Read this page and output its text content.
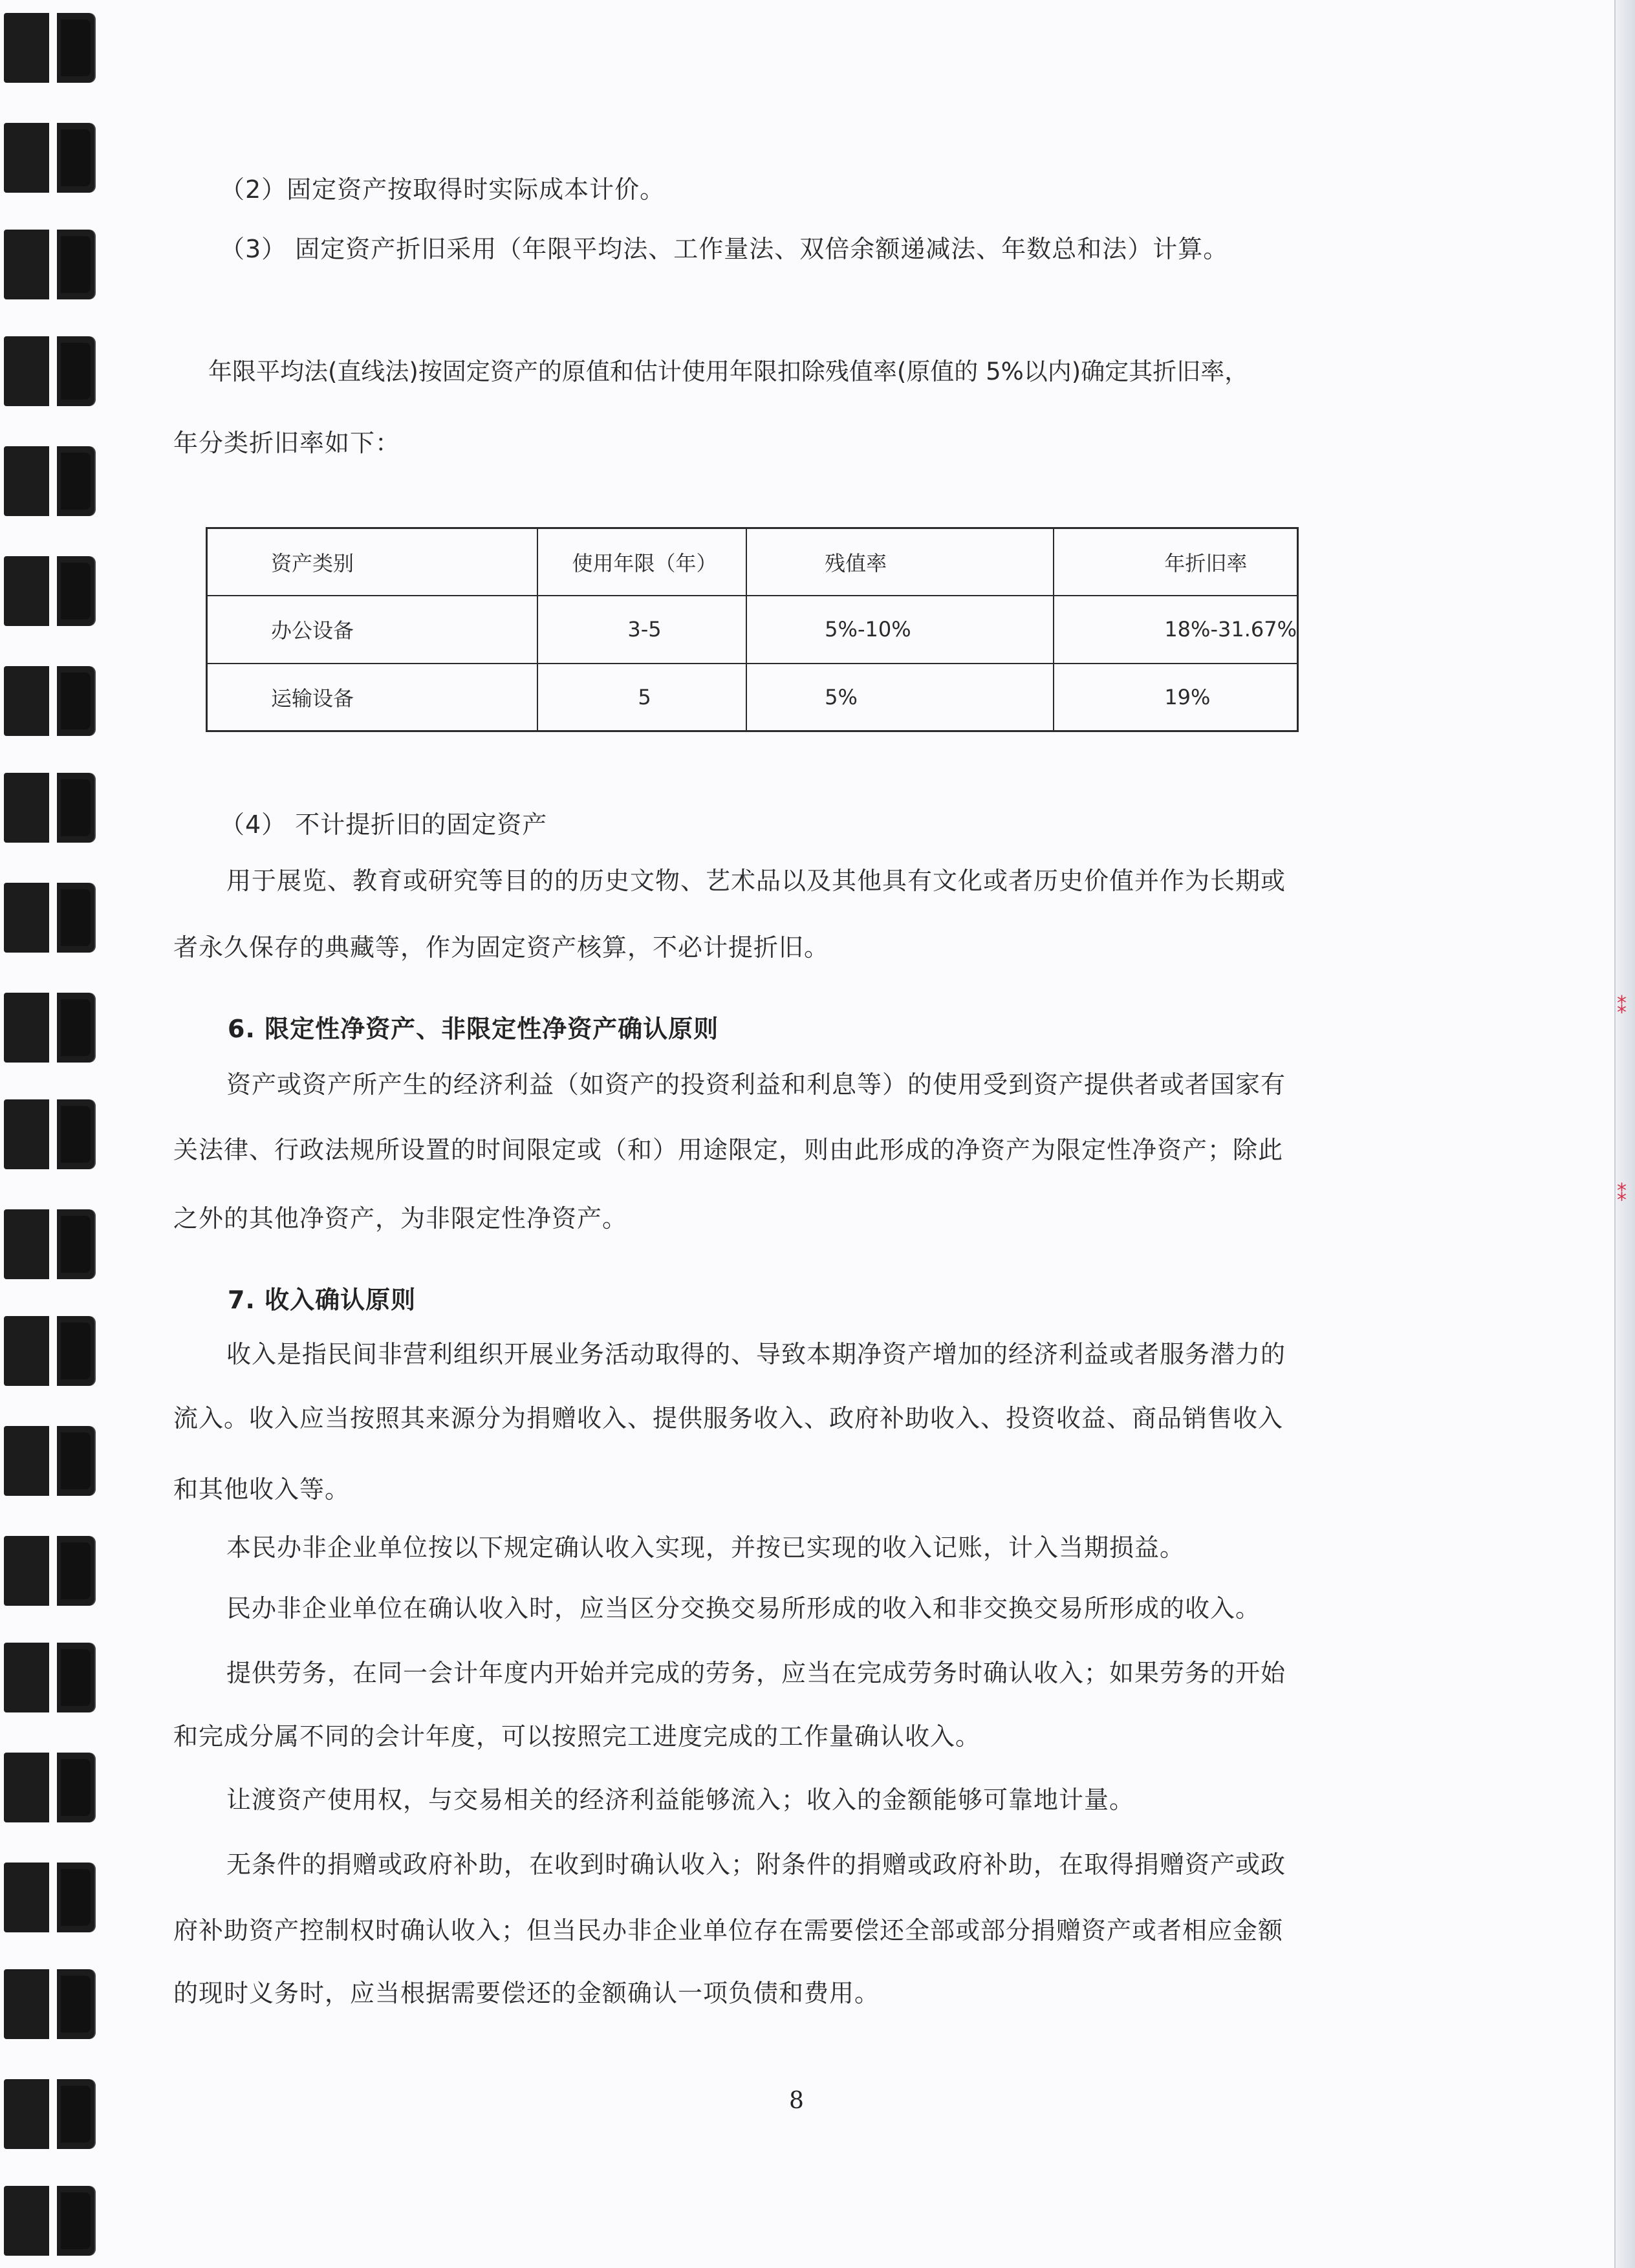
⁑
⁑
（2）固定资产按取得时实际成本计价。
（3） 固定资产折旧采用（年限平均法、工作量法、双倍余额递减法、年数总和法）计算。
年限平均法(直线法)按固定资产的原值和估计使用年限扣除残值率(原值的 5%以内)确定其折旧率，
年分类折旧率如下：
资产类别	使用年限（年）	残值率	年折旧率
办公设备	3-5	5%-10%	18%-31.67%
运输设备	5	5%	19%
（4） 不计提折旧的固定资产
用于展览、教育或研究等目的的历史文物、艺术品以及其他具有文化或者历史价值并作为长期或
者永久保存的典藏等，作为固定资产核算，不必计提折旧。
6. 限定性净资产、非限定性净资产确认原则
资产或资产所产生的经济利益（如资产的投资利益和利息等）的使用受到资产提供者或者国家有
关法律、行政法规所设置的时间限定或（和）用途限定，则由此形成的净资产为限定性净资产；除此
之外的其他净资产，为非限定性净资产。
7. 收入确认原则
收入是指民间非营利组织开展业务活动取得的、导致本期净资产增加的经济利益或者服务潜力的
流入。收入应当按照其来源分为捐赠收入、提供服务收入、政府补助收入、投资收益、商品销售收入
和其他收入等。
本民办非企业单位按以下规定确认收入实现，并按已实现的收入记账，计入当期损益。
民办非企业单位在确认收入时，应当区分交换交易所形成的收入和非交换交易所形成的收入。
提供劳务，在同一会计年度内开始并完成的劳务，应当在完成劳务时确认收入；如果劳务的开始
和完成分属不同的会计年度，可以按照完工进度完成的工作量确认收入。
让渡资产使用权，与交易相关的经济利益能够流入；收入的金额能够可靠地计量。
无条件的捐赠或政府补助，在收到时确认收入；附条件的捐赠或政府补助，在取得捐赠资产或政
府补助资产控制权时确认收入；但当民办非企业单位存在需要偿还全部或部分捐赠资产或者相应金额
的现时义务时，应当根据需要偿还的金额确认一项负债和费用。
8
